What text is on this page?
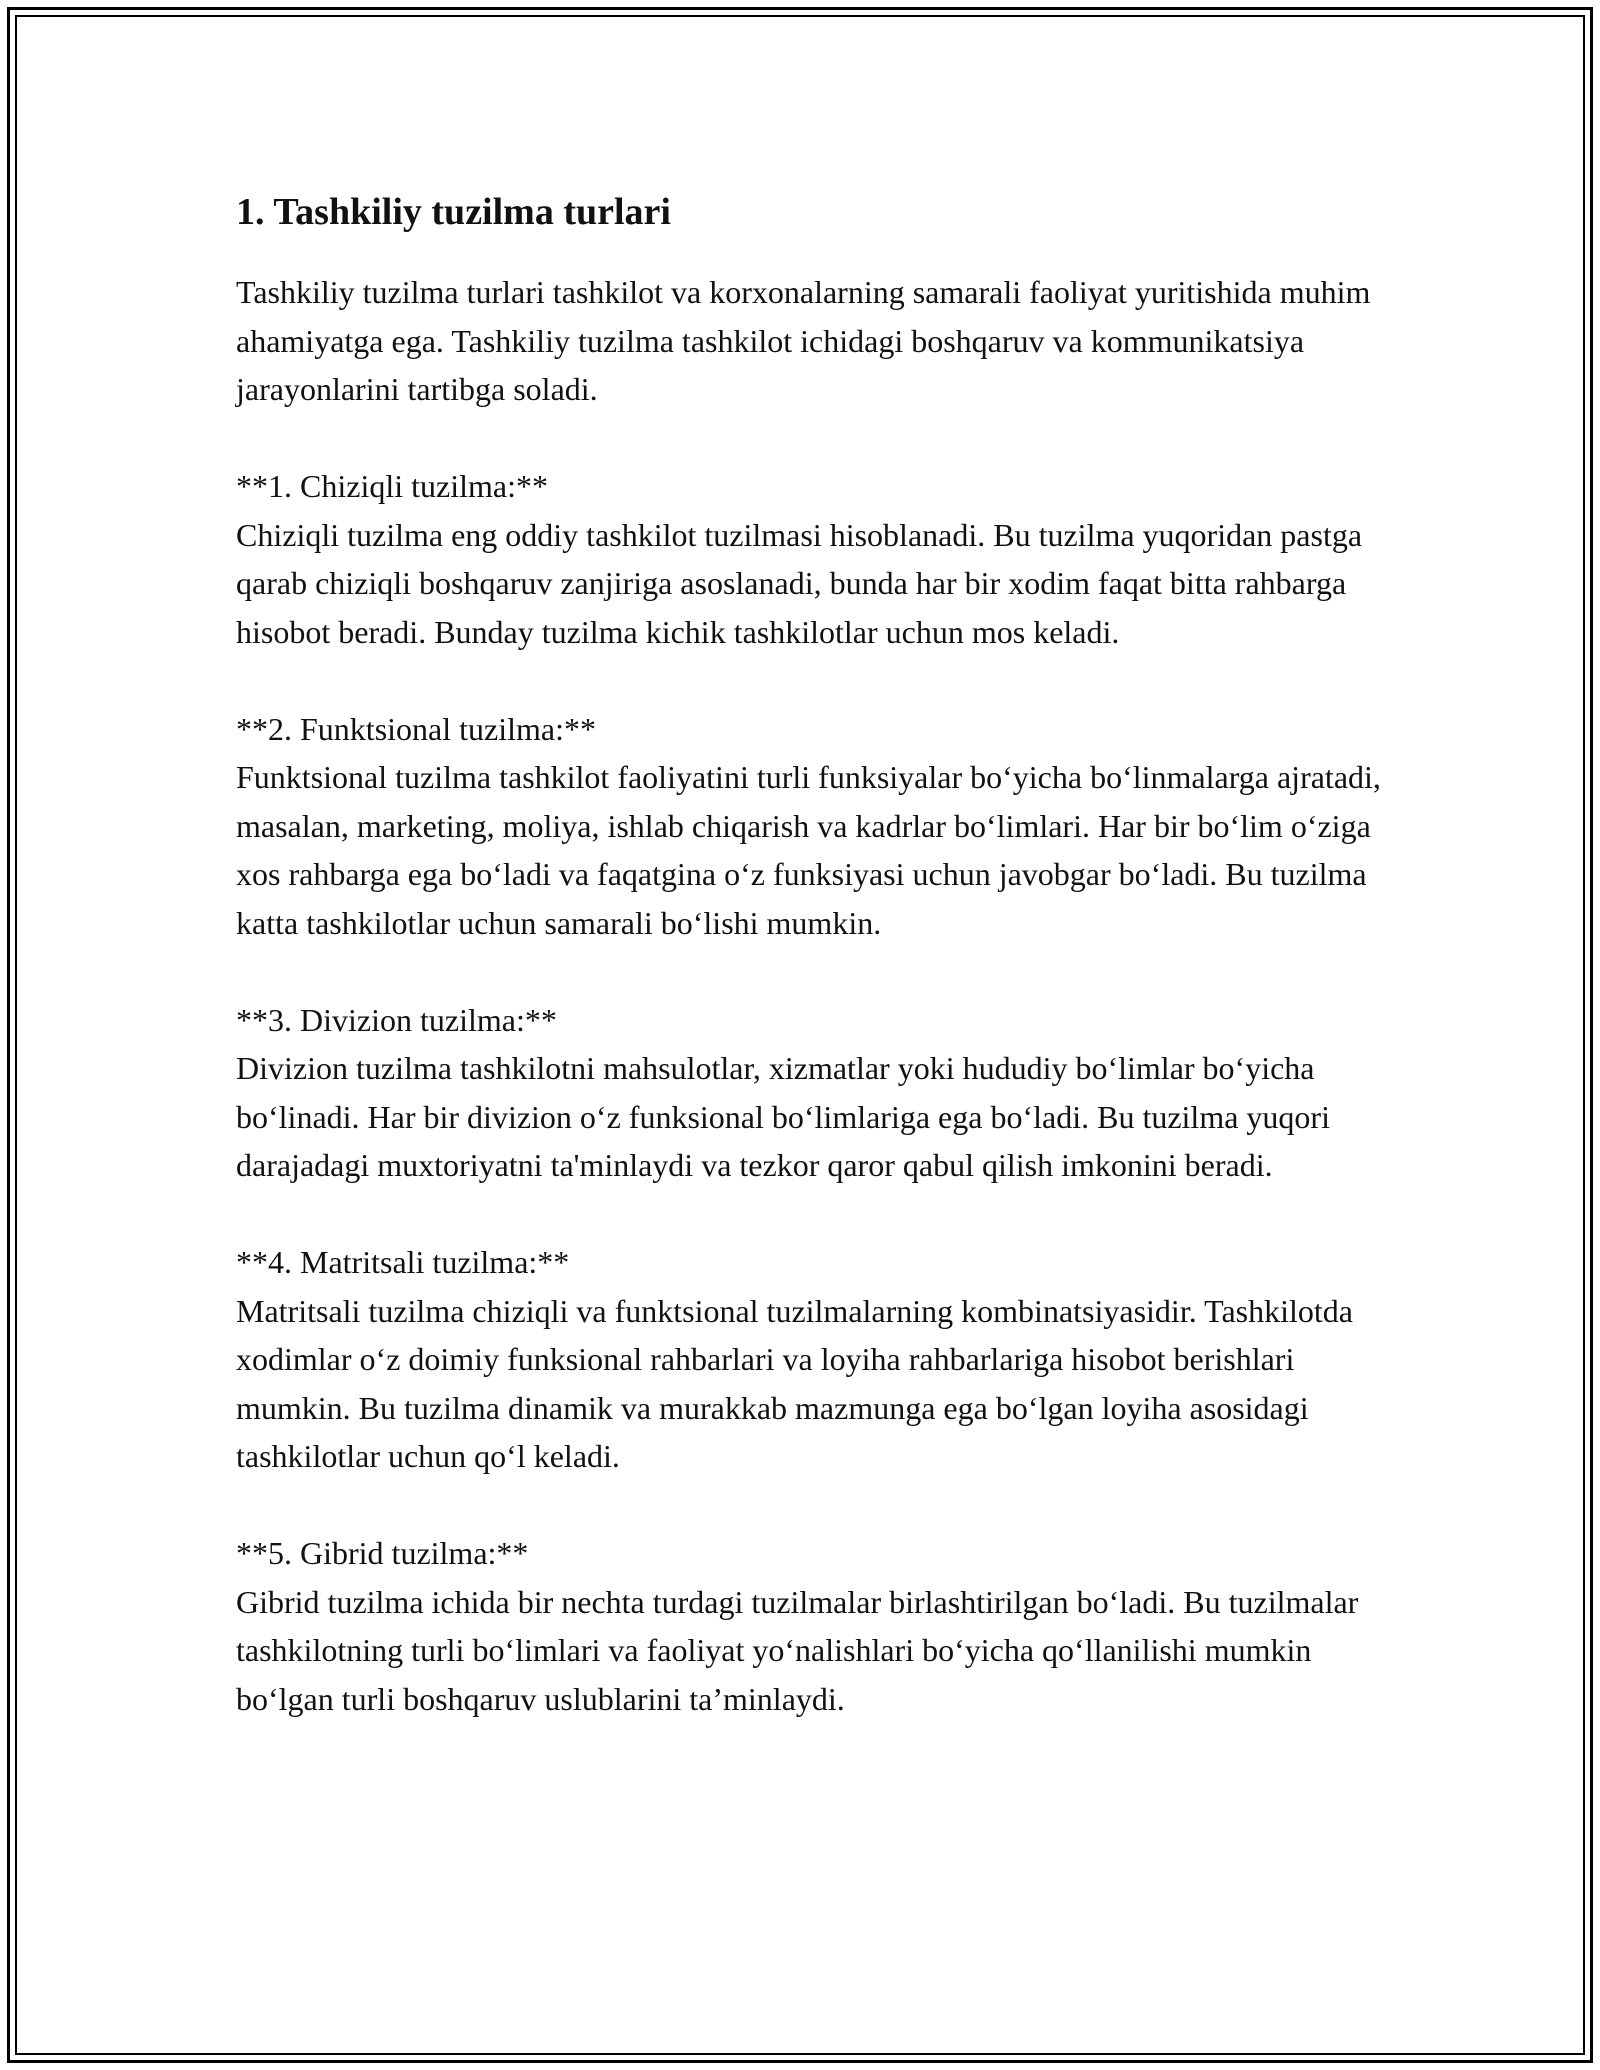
1. Tashkiliy tuzilma turlari

Tashkiliy tuzilma turlari tashkilot va korxonalarning samarali faoliyat yuritishida muhim ahamiyatga ega. Tashkiliy tuzilma tashkilot ichidagi boshqaruv va kommunikatsiya jarayonlarini tartibga soladi.

**1. Chiziqli tuzilma:**
Chiziqli tuzilma eng oddiy tashkilot tuzilmasi hisoblanadi. Bu tuzilma yuqoridan pastga qarab chiziqli boshqaruv zanjiriga asoslanadi, bunda har bir xodim faqat bitta rahbarga hisobot beradi. Bunday tuzilma kichik tashkilotlar uchun mos keladi.

**2. Funktsional tuzilma:**
Funktsional tuzilma tashkilot faoliyatini turli funksiyalar boʻyicha boʻlinmalarga ajratadi, masalan, marketing, moliya, ishlab chiqarish va kadrlar boʻlimlari. Har bir boʻlim oʻziga xos rahbarga ega boʻladi va faqatgina oʻz funksiyasi uchun javobgar boʻladi. Bu tuzilma katta tashkilotlar uchun samarali boʻlishi mumkin.

**3. Divizion tuzilma:**
Divizion tuzilma tashkilotni mahsulotlar, xizmatlar yoki hududiy boʻlimlar boʻyicha boʻlinadi. Har bir divizion oʻz funksional boʻlimlariga ega boʻladi. Bu tuzilma yuqori darajadagi muxtoriyatni ta'minlaydi va tezkor qaror qabul qilish imkonini beradi.

**4. Matritsali tuzilma:**
Matritsali tuzilma chiziqli va funktsional tuzilmalarning kombinatsiyasidir. Tashkilotda xodimlar oʻz doimiy funksional rahbarlari va loyiha rahbarlariga hisobot berishlari mumkin. Bu tuzilma dinamik va murakkab mazmunga ega boʻlgan loyiha asosidagi tashkilotlar uchun qoʻl keladi.

**5. Gibrid tuzilma:**
Gibrid tuzilma ichida bir nechta turdagi tuzilmalar birlashtirilgan boʻladi. Bu tuzilmalar tashkilotning turli boʻlimlari va faoliyat yoʻnalishlari boʻyicha qoʻllanilishi mumkin boʻlgan turli boshqaruv uslublarini ta’minlaydi.
